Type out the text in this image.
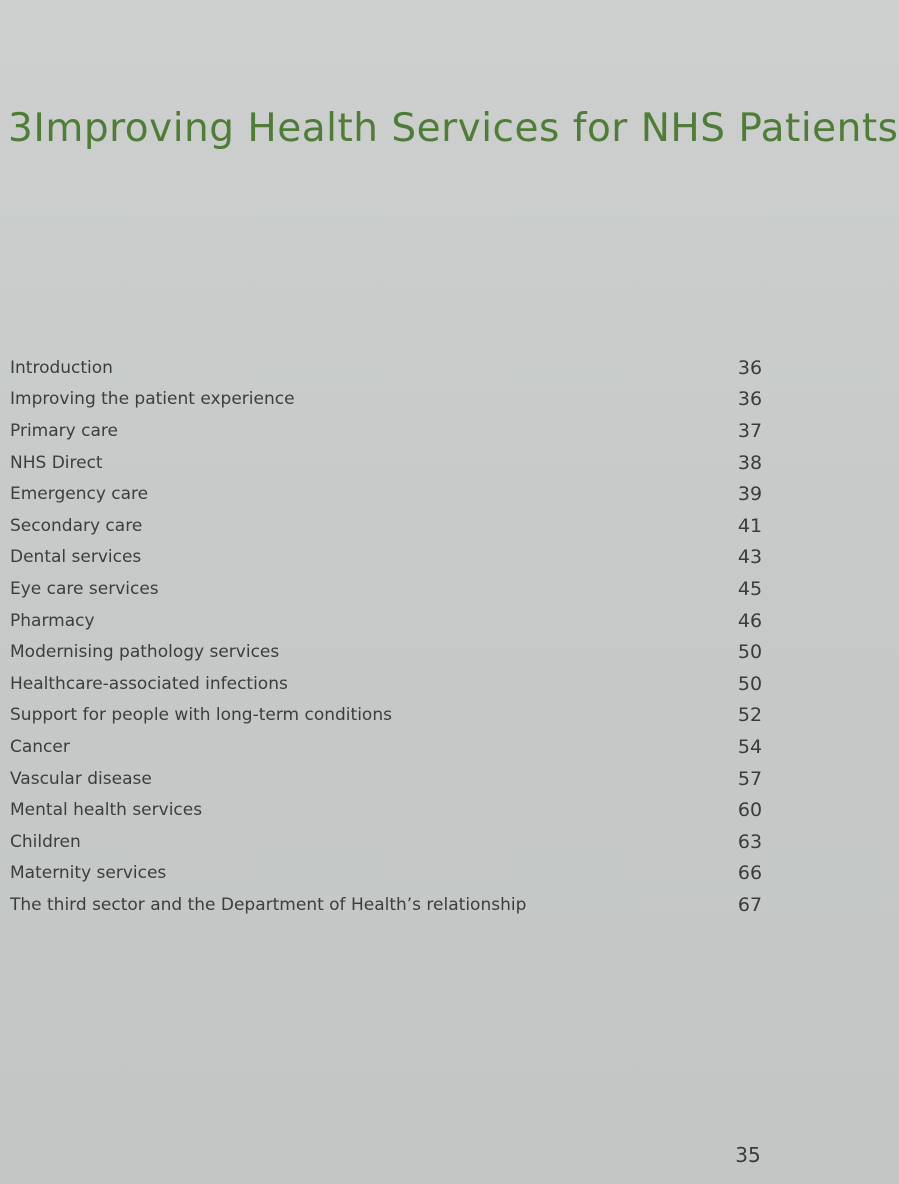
3 Improving Health Services for NHS Patients
Introduction	36
Improving the patient experience	36
Primary care	37
NHS Direct	38
Emergency care	39
Secondary care	41
Dental services	43
Eye care services	45
Pharmacy	46
Modernising pathology services	50
Healthcare-associated infections	50
Support for people with long-term conditions	52
Cancer	54
Vascular disease	57
Mental health services	60
Children	63
Maternity services	66
The third sector and the Department of Health’s relationship	67
35
